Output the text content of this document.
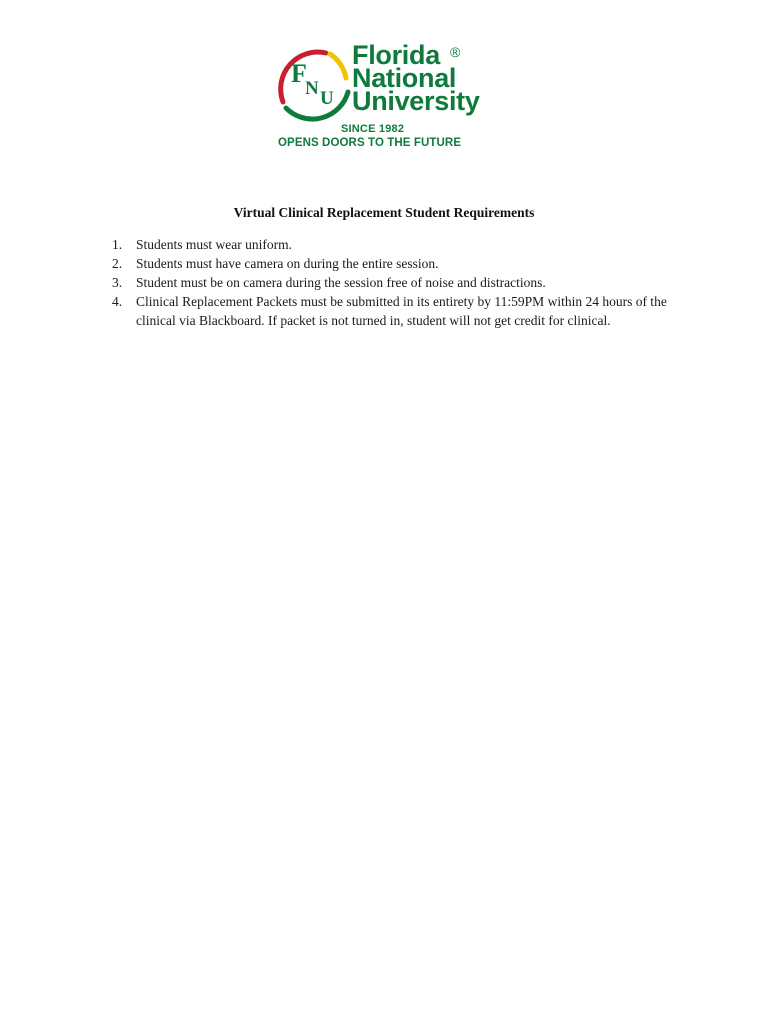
F
N U
Florida
National
University
®
SINCE 1982
OPENS DOORS TO THE FUTURE
Virtual Clinical Replacement Student Requirements
1. Students must wear uniform.
2. Students must have camera on during the entire session.
3. Student must be on camera during the session free of noise and distractions.
4. Clinical Replacement Packets must be submitted in its entirety by 11:59PM within 24 hours of the clinical via Blackboard. If packet is not turned in, student will not get credit for clinical.
